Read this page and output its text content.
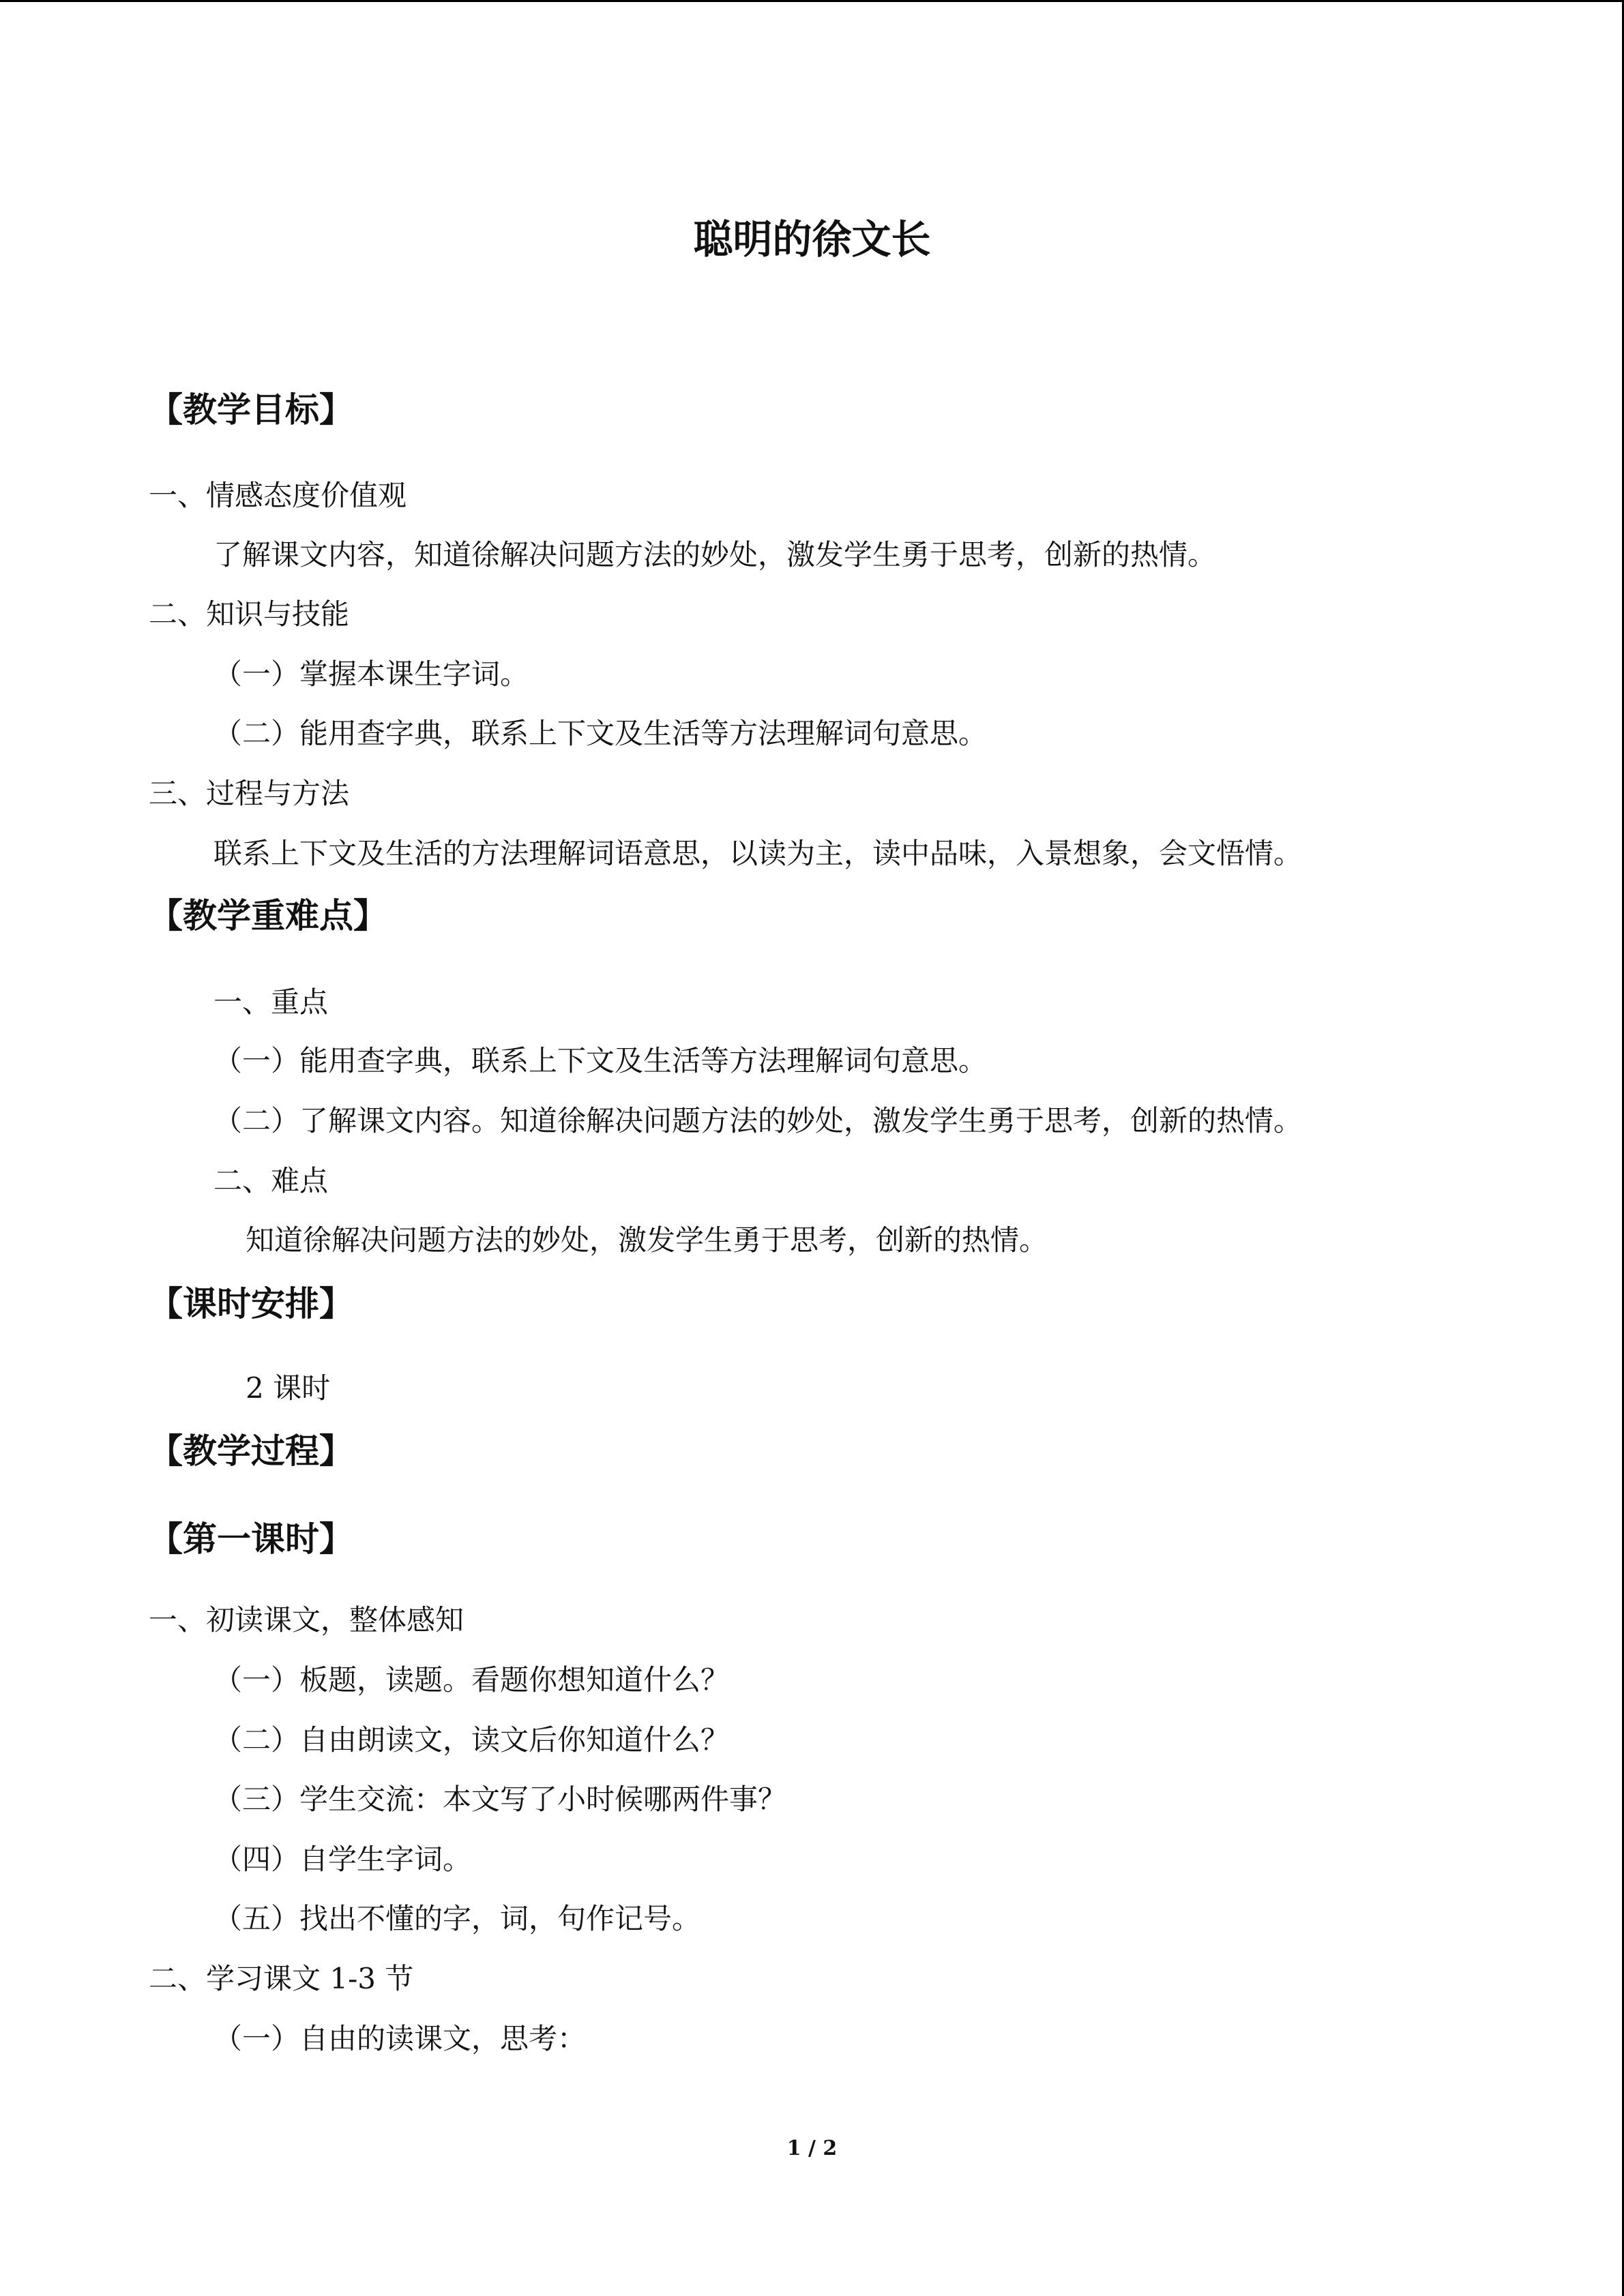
聪明的徐文长
【教学目标】
一、情感态度价值观
了解课文内容，知道徐解决问题方法的妙处，激发学生勇于思考，创新的热情。
二、知识与技能
（一）掌握本课生字词。
（二）能用查字典，联系上下文及生活等方法理解词句意思。
三、过程与方法
联系上下文及生活的方法理解词语意思，以读为主，读中品味，入景想象，会文悟情。
【教学重难点】
一、重点
（一）能用查字典，联系上下文及生活等方法理解词句意思。
（二）了解课文内容。知道徐解决问题方法的妙处，激发学生勇于思考，创新的热情。
二、难点
知道徐解决问题方法的妙处，激发学生勇于思考，创新的热情。
【课时安排】
2 课时
【教学过程】
【第一课时】
一、初读课文，整体感知
（一）板题，读题。看题你想知道什么？
（二）自由朗读文，读文后你知道什么？
（三）学生交流：本文写了小时候哪两件事？
（四）自学生字词。
（五）找出不懂的字，词，句作记号。
二、学习课文 1-3 节
（一）自由的读课文，思考：
1 / 2
